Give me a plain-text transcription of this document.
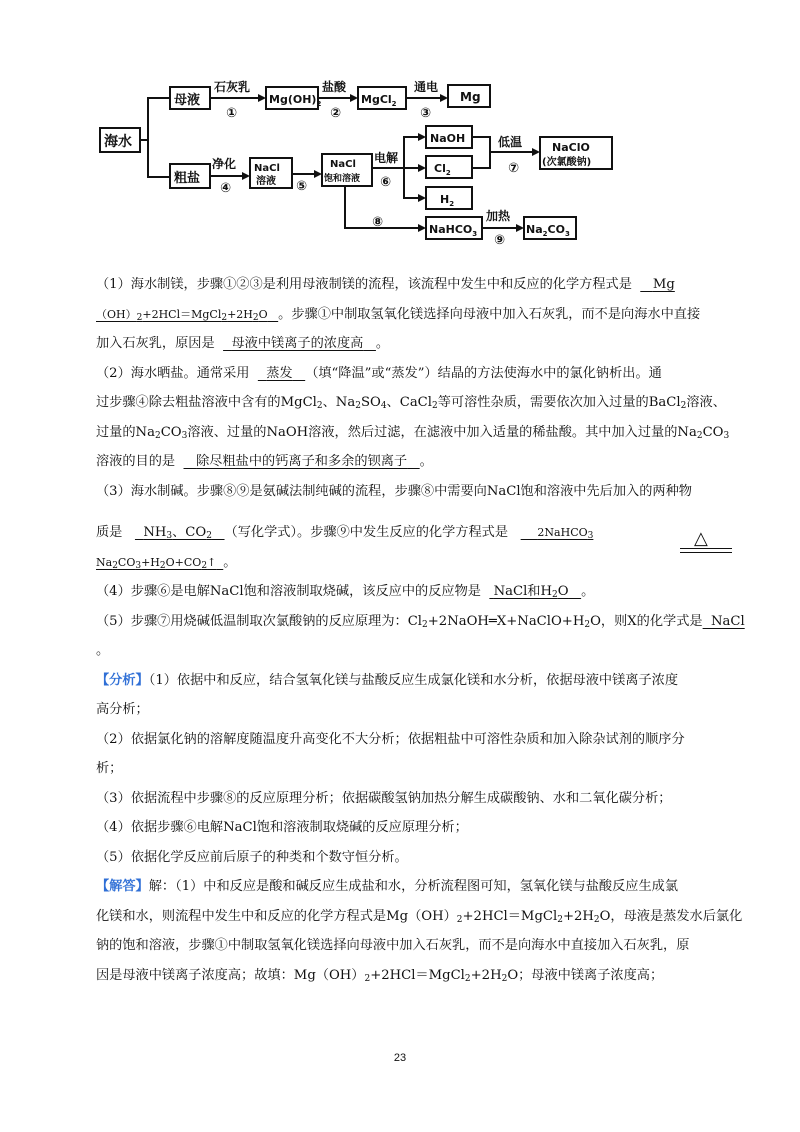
海水
母液
石灰乳
①
$Mg(OH)_2$
盐酸
②
MgCl$_2$
通电
③
Mg
粗盐
净化
④
NaCl
溶液 ⑤
NaCl
饱和溶液
电解
⑥
NaOH
$Cl_2$
$H_2$
低温
⑦
NaClO
(次氯酸钠)
⑧	NaHCO$_3$
加热
⑨
$Na_2CO_3$
△

（1）海水制镁，步骤①②③是利用母液制镁的流程，该流程中发生中和反应的化学方程式是 Mg

$(OH)_2+2HCl=MgCl_2+2H_2O$ 。步骤①中制取氢氧化镁选择向母液中加入石灰乳，而不是向海水中直接

加入石灰乳，原因是 母液中镁离子的浓度高 。

（2）海水晒盐。通常采用 蒸发 （填“降温”或“蒸发”）结晶的方法使海水中的氯化钠析出。通

过步骤④除去粗盐溶液中含有的MgCl$_2$、$Na_2SO_4$、CaCl$_2$等可溶性杂质，需要依次加入过量的BaCl$_2$溶液、

过量的$Na_2CO_3$溶液、过量的NaOH溶液，然后过滤，在滤液中加入适量的稀盐酸。其中加入过量的$Na_2CO_3$

溶液的目的是 除尽粗盐中的钙离子和多余的钡离子 。

（3）海水制碱。步骤⑧⑨是氨碱法制纯碱的流程，步骤⑧中需要向NaCl饱和溶液中先后加入的两种物

质是 $NH_3$、$CO_2$ （写化学式）。步骤⑨中发生反应的化学方程式是	2NaHCO$_3$

$Na_2CO_3+H_2O+CO_2↑$ 。

（4）步骤⑥是电解NaCl饱和溶液制取烧碱，该反应中的反应物是 NaCl和$H_2O$ 。

（5）步骤⑦用烧碱低温制取次氯酸钠的反应原理为：$Cl_2+2NaOH═X+NaClO+H_2O$，则X的化学式是 NaCl

。

【分析】（1）依据中和反应，结合氢氧化镁与盐酸反应生成氯化镁和水分析，依据母液中镁离子浓度

高分析；

（2）依据氯化钠的溶解度随温度升高变化不大分析；依据粗盐中可溶性杂质和加入除杂试剂的顺序分

析；

（3）依据流程中步骤⑧的反应原理分析；依据碳酸氢钠加热分解生成碳酸钠、水和二氧化碳分析；

（4）依据步骤⑥电解NaCl饱和溶液制取烧碱的反应原理分析；

（5）依据化学反应前后原子的种类和个数守恒分析。

【解答】解：（1）中和反应是酸和碱反应生成盐和水，分析流程图可知，氢氧化镁与盐酸反应生成氯

化镁和水，则流程中发生中和反应的化学方程式是$Mg(OH)_2+2HCl=MgCl_2+2H_2O$，母液是蒸发水后氯化

钠的饱和溶液，步骤①中制取氢氧化镁选择向母液中加入石灰乳，而不是向海水中直接加入石灰乳，原

因是母液中镁离子浓度高；故填：$Mg(OH)_2+2HCl=MgCl_2+2H_2O$；母液中镁离子浓度高；

23
